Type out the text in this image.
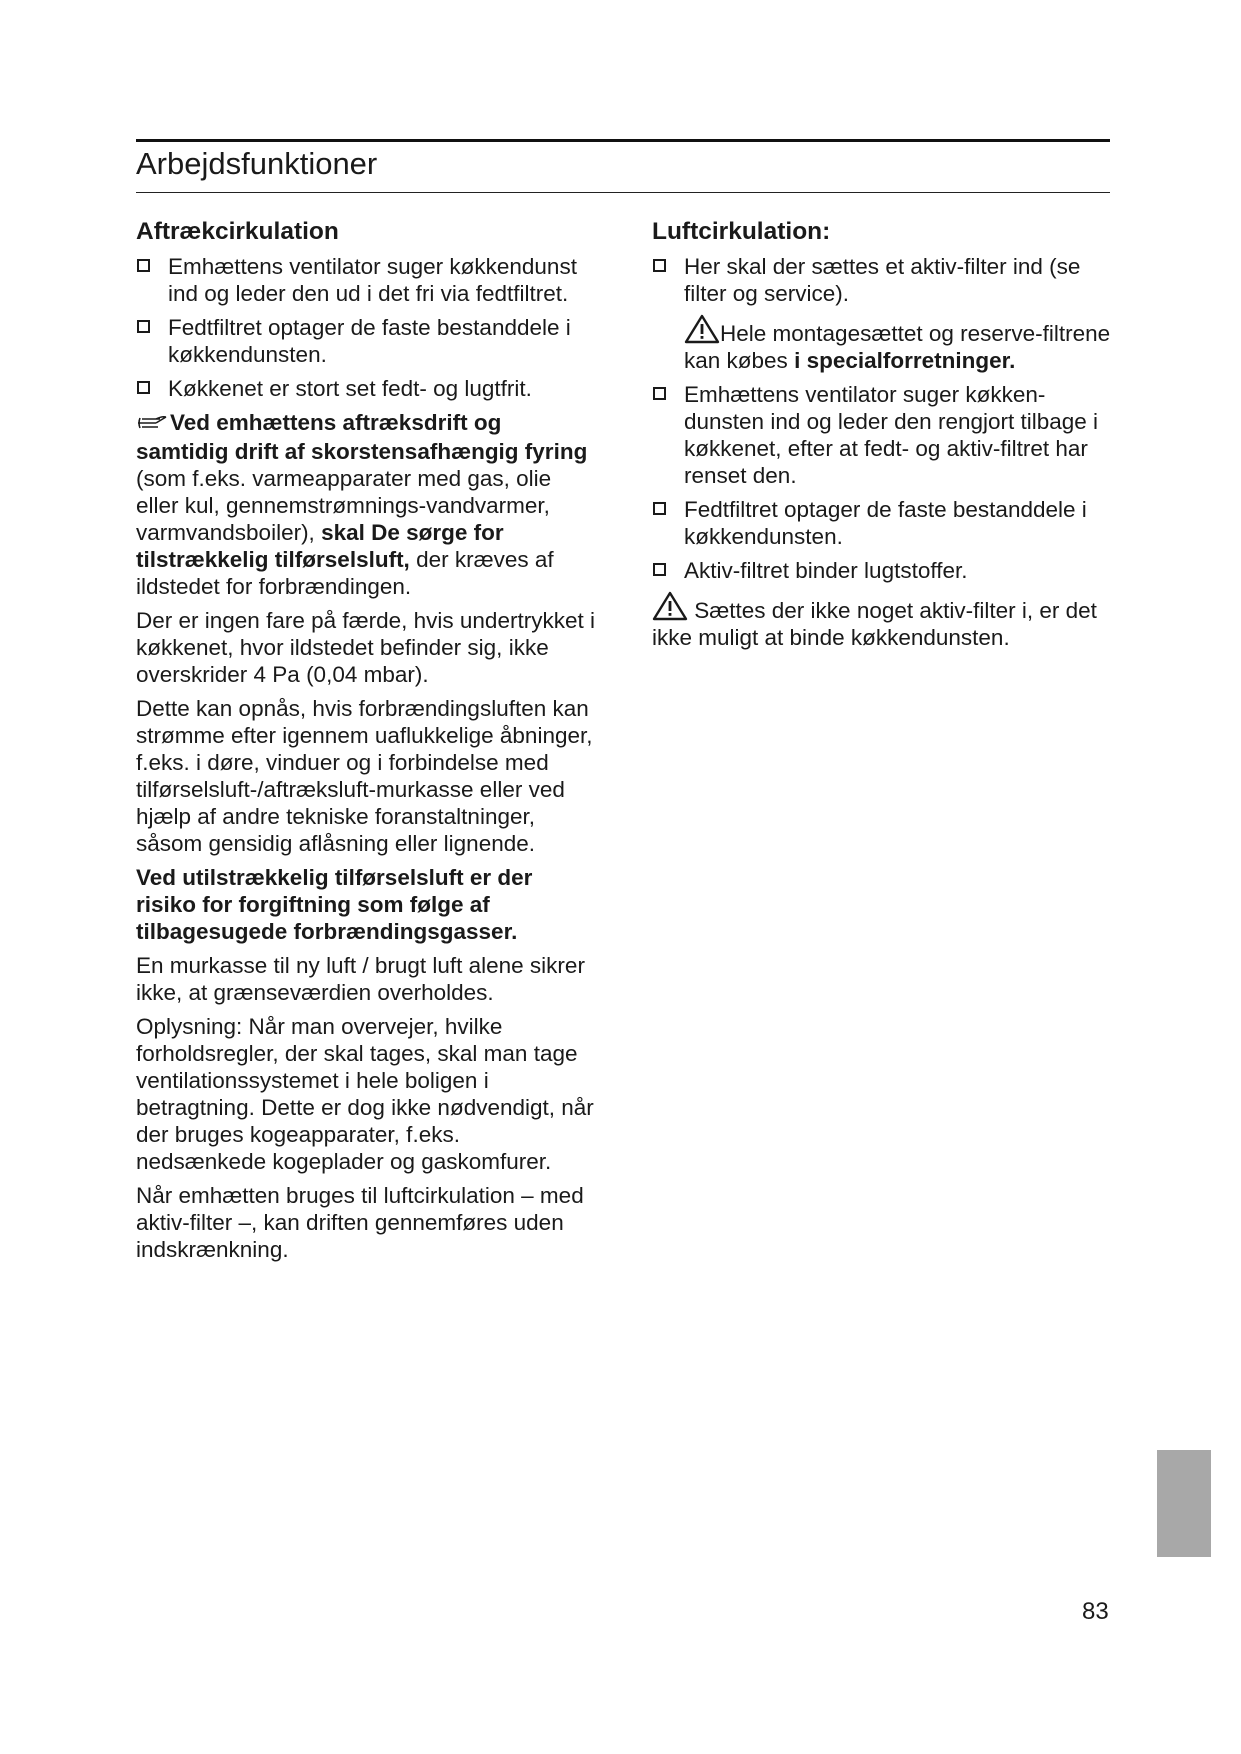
Arbejdsfunktioner
Aftrækcirkulation
Emhættens ventilator suger køkkendunst ind og leder den ud i det fri via fedtfiltret.
Fedtfiltret optager de faste bestanddele i køkkendunsten.
Køkkenet er stort set fedt- og lugtfrit.

Ved emhættens aftræksdrift og samtidig drift af skorstensafhængig fyring (som f.eks. varmeapparater med gas, olie eller kul, gennemstrømnings-vandvarmer, varmvandsboiler), skal De sørge for tilstrækkelig tilførselsluft, der kræves af ildstedet for forbrændingen.

Der er ingen fare på færde, hvis undertrykket i køkkenet, hvor ildstedet befinder sig, ikke overskrider 4 Pa (0,04 mbar).

Dette kan opnås, hvis forbrændingsluften kan strømme efter igennem uaflukkelige åbninger, f.eks. i døre, vinduer og i forbindelse med tilførselsluft-/aftræksluft-murkasse eller ved hjælp af andre tekniske foranstaltninger, såsom gensidig aflåsning eller lignende.

Ved utilstrækkelig tilførselsluft er der risiko for forgiftning som følge af tilbagesugede forbrændingsgasser.

En murkasse til ny luft / brugt luft alene sikrer ikke, at grænseværdien overholdes.

Oplysning: Når man overvejer, hvilke forholdsregler, der skal tages, skal man tage ventilationssystemet i hele boligen i betragtning. Dette er dog ikke nødvendigt, når der bruges kogeapparater, f.eks. nedsænkede kogeplader og gaskomfurer.

Når emhætten bruges til luftcirkulation – med aktiv-filter –, kan driften gennemføres uden indskrænkning.

Luftcirkulation:
Her skal der sættes et aktiv-filter ind (se filter og service).

Hele montagesættet og reserve-filtrene kan købes i specialforretninger.

Emhættens ventilator suger køkken-dunsten ind og leder den rengjort tilbage i køkkenet, efter at fedt- og aktiv-filtret har renset den.
Fedtfiltret optager de faste bestanddele i køkkendunsten.
Aktiv-filtret binder lugtstoffer.

Sættes der ikke noget aktiv-filter i, er det ikke muligt at binde køkkendunsten.

83
